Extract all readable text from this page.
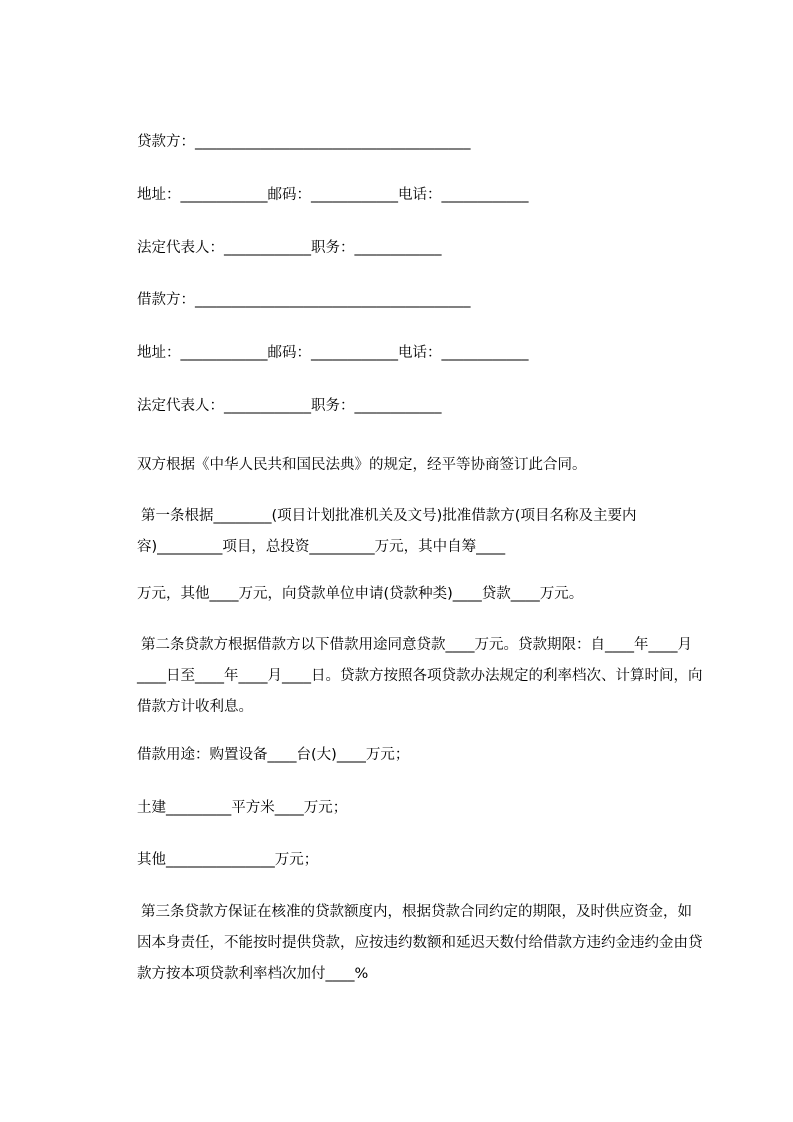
贷款方：______________________________________
地址：____________邮码：____________电话：____________
法定代表人：____________职务：____________
借款方：______________________________________
地址：____________邮码：____________电话：____________
法定代表人：____________职务：____________
双方根据《中华人民共和国民法典》的规定，经平等协商签订此合同。
第一条根据________(项目计划批准机关及文号)批准借款方(项目名称及主要内容)_________项目，总投资_________万元，其中自筹____
万元，其他____万元，向贷款单位申请(贷款种类)____贷款____万元。
第二条贷款方根据借款方以下借款用途同意贷款____万元。贷款期限：自____年____月____日至____年____月____日。贷款方按照各项贷款办法规定的利率档次、计算时间，向借款方计收利息。
借款用途：购置设备____台(大)____万元；
土建_________平方米____万元；
其他_______________万元；
第三条贷款方保证在核准的贷款额度内，根据贷款合同约定的期限，及时供应资金，如因本身责任，不能按时提供贷款，应按违约数额和延迟天数付给借款方违约金违约金由贷款方按本项贷款利率档次加付____%
